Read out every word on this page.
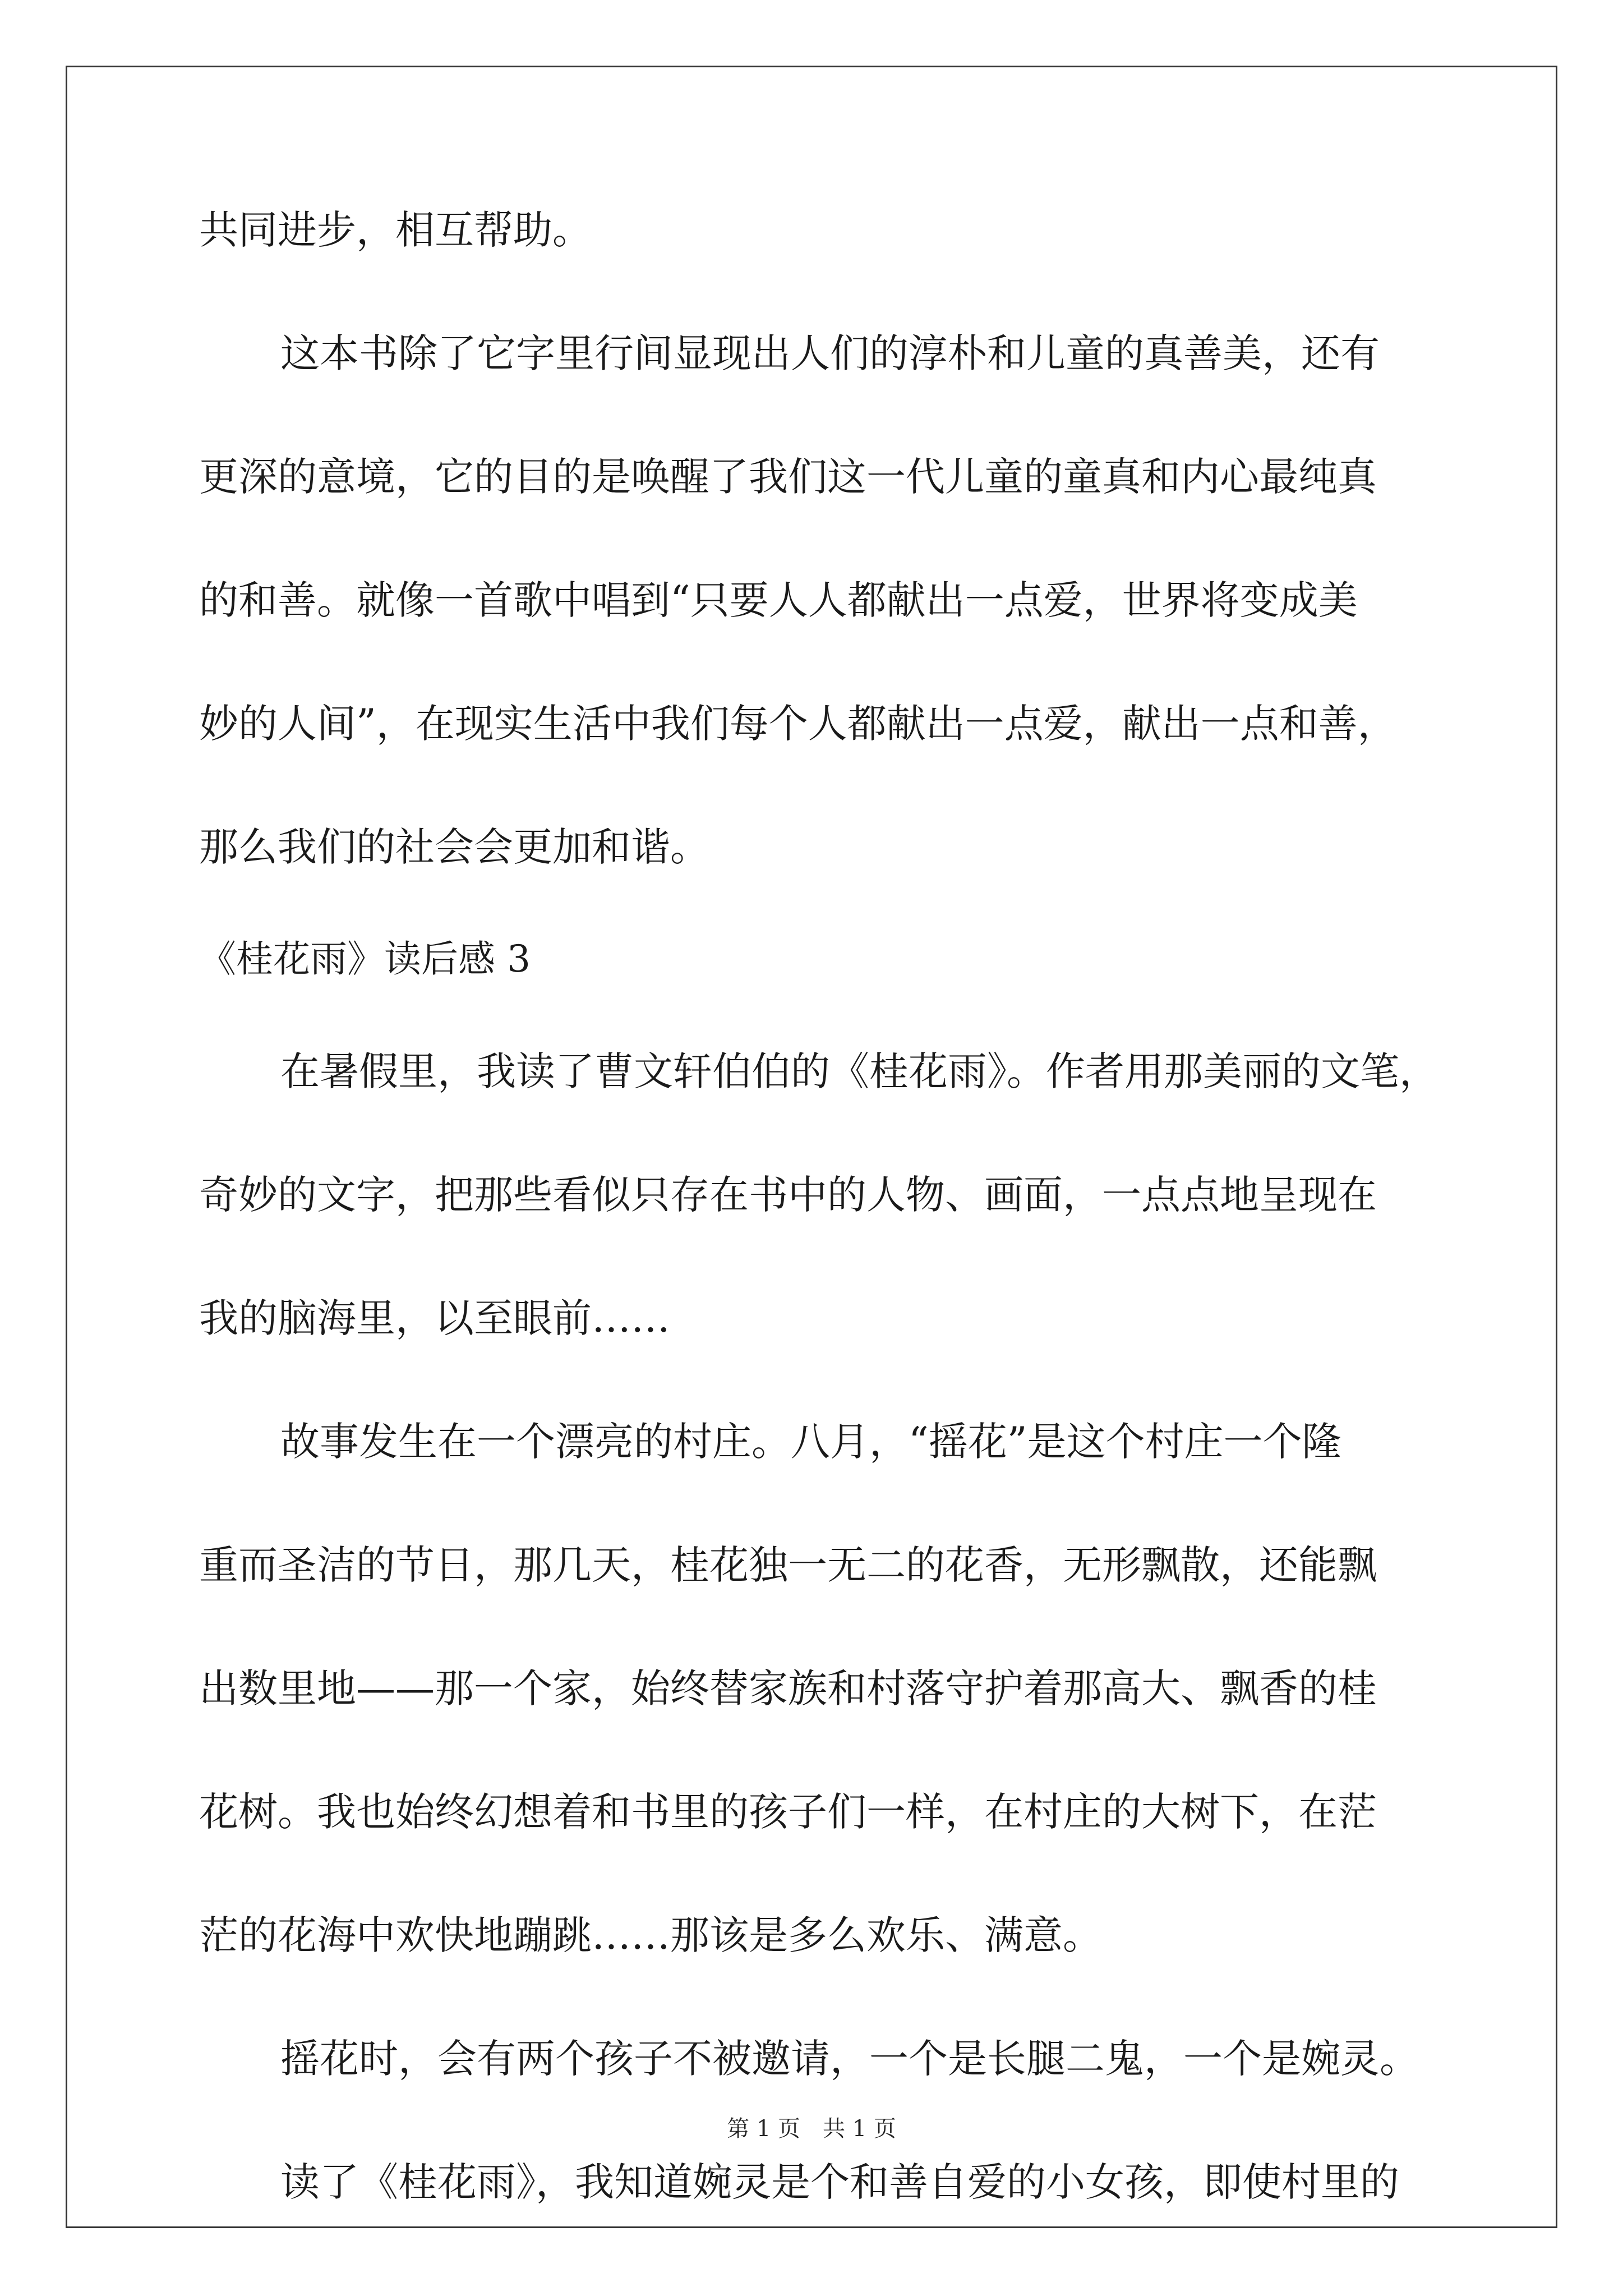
共同进步，相互帮助。
这本书除了它字里行间显现出人们的淳朴和儿童的真善美，还有
更深的意境，它的目的是唤醒了我们这一代儿童的童真和内心最纯真
的和善。就像一首歌中唱到“只要人人都献出一点爱，世界将变成美
妙的人间”，在现实生活中我们每个人都献出一点爱，献出一点和善，
那么我们的社会会更加和谐。
《桂花雨》读后感 3
在暑假里，我读了曹文轩伯伯的《桂花雨》。作者用那美丽的文笔，
奇妙的文字，把那些看似只存在书中的人物、画面，一点点地呈现在
我的脑海里，以至眼前……
故事发生在一个漂亮的村庄。八月，“摇花”是这个村庄一个隆
重而圣洁的节日，那几天，桂花独一无二的花香，无形飘散，还能飘
出数里地——那一个家，始终替家族和村落守护着那高大、飘香的桂
花树。我也始终幻想着和书里的孩子们一样，在村庄的大树下，在茫
茫的花海中欢快地蹦跳……那该是多么欢乐、满意。
摇花时，会有两个孩子不被邀请，一个是长腿二鬼，一个是婉灵。
读了《桂花雨》，我知道婉灵是个和善自爱的小女孩，即使村里的
第 1 页　共 1 页
